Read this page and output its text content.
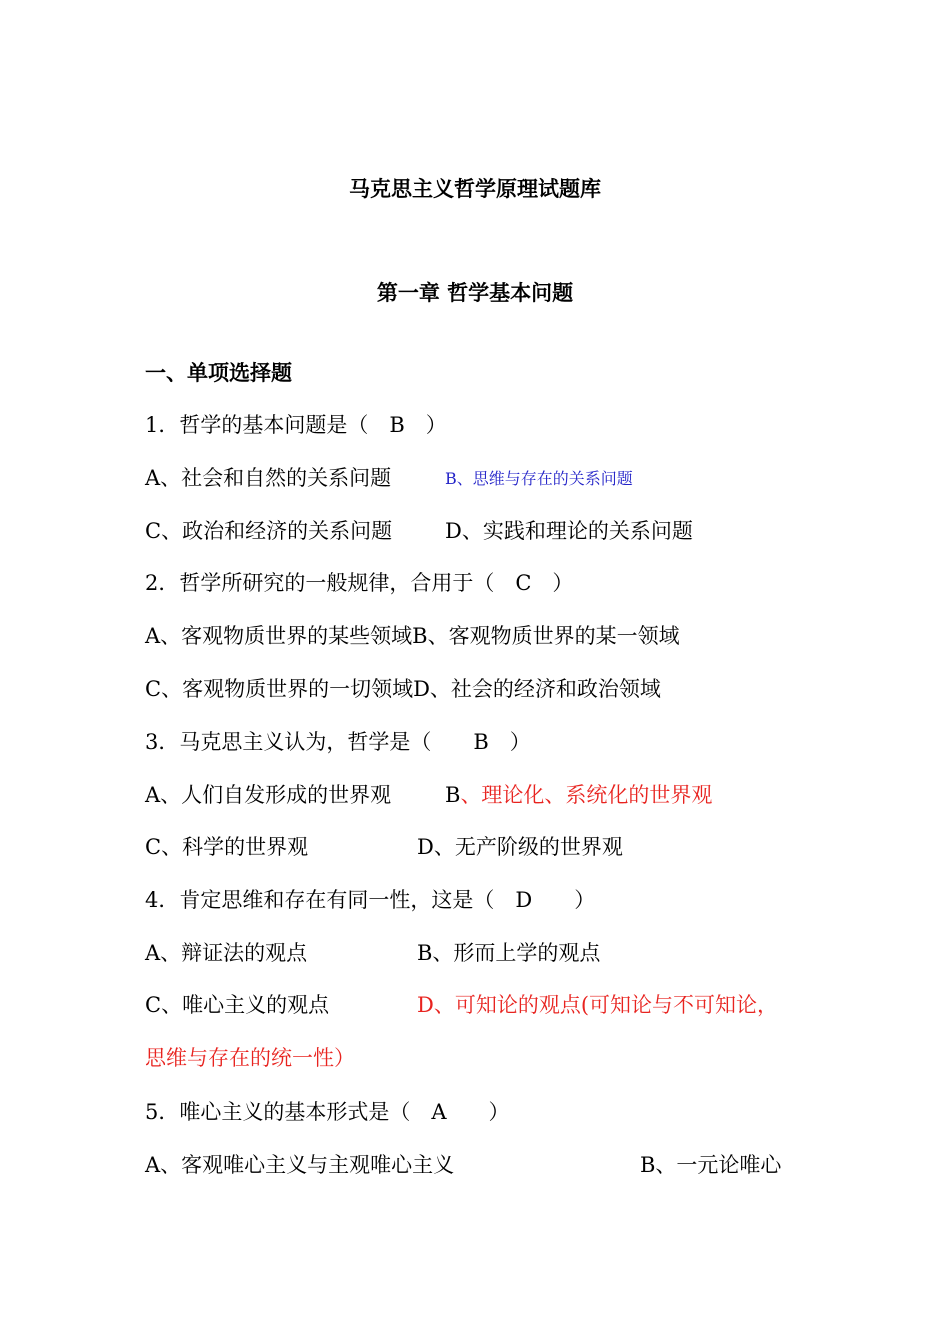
马克思主义哲学原理试题库
第一章 哲学基本问题
一、单项选择题
1．哲学的基本问题是（　B　）
A、社会和自然的关系问题	B、思维与存在的关系问题
C、政治和经济的关系问题	D、实践和理论的关系问题
2．哲学所研究的一般规律，合用于（　C　）
A、客观物质世界的某些领域B、客观物质世界的某一领域
C、客观物质世界的一切领域D、社会的经济和政治领域
3．马克思主义认为，哲学是（　　B　）
A、人们自发形成的世界观	B、理论化、系统化的世界观
C、科学的世界观	D、无产阶级的世界观
4．肯定思维和存在有同一性，这是（　D　　）
A、辩证法的观点	B、形而上学的观点
C、唯心主义的观点	D、可知论的观点(可知论与不可知论，
思维与存在的统一性）
5．唯心主义的基本形式是（　A　　）
A、客观唯心主义与主观唯心主义	B、一元论唯心
